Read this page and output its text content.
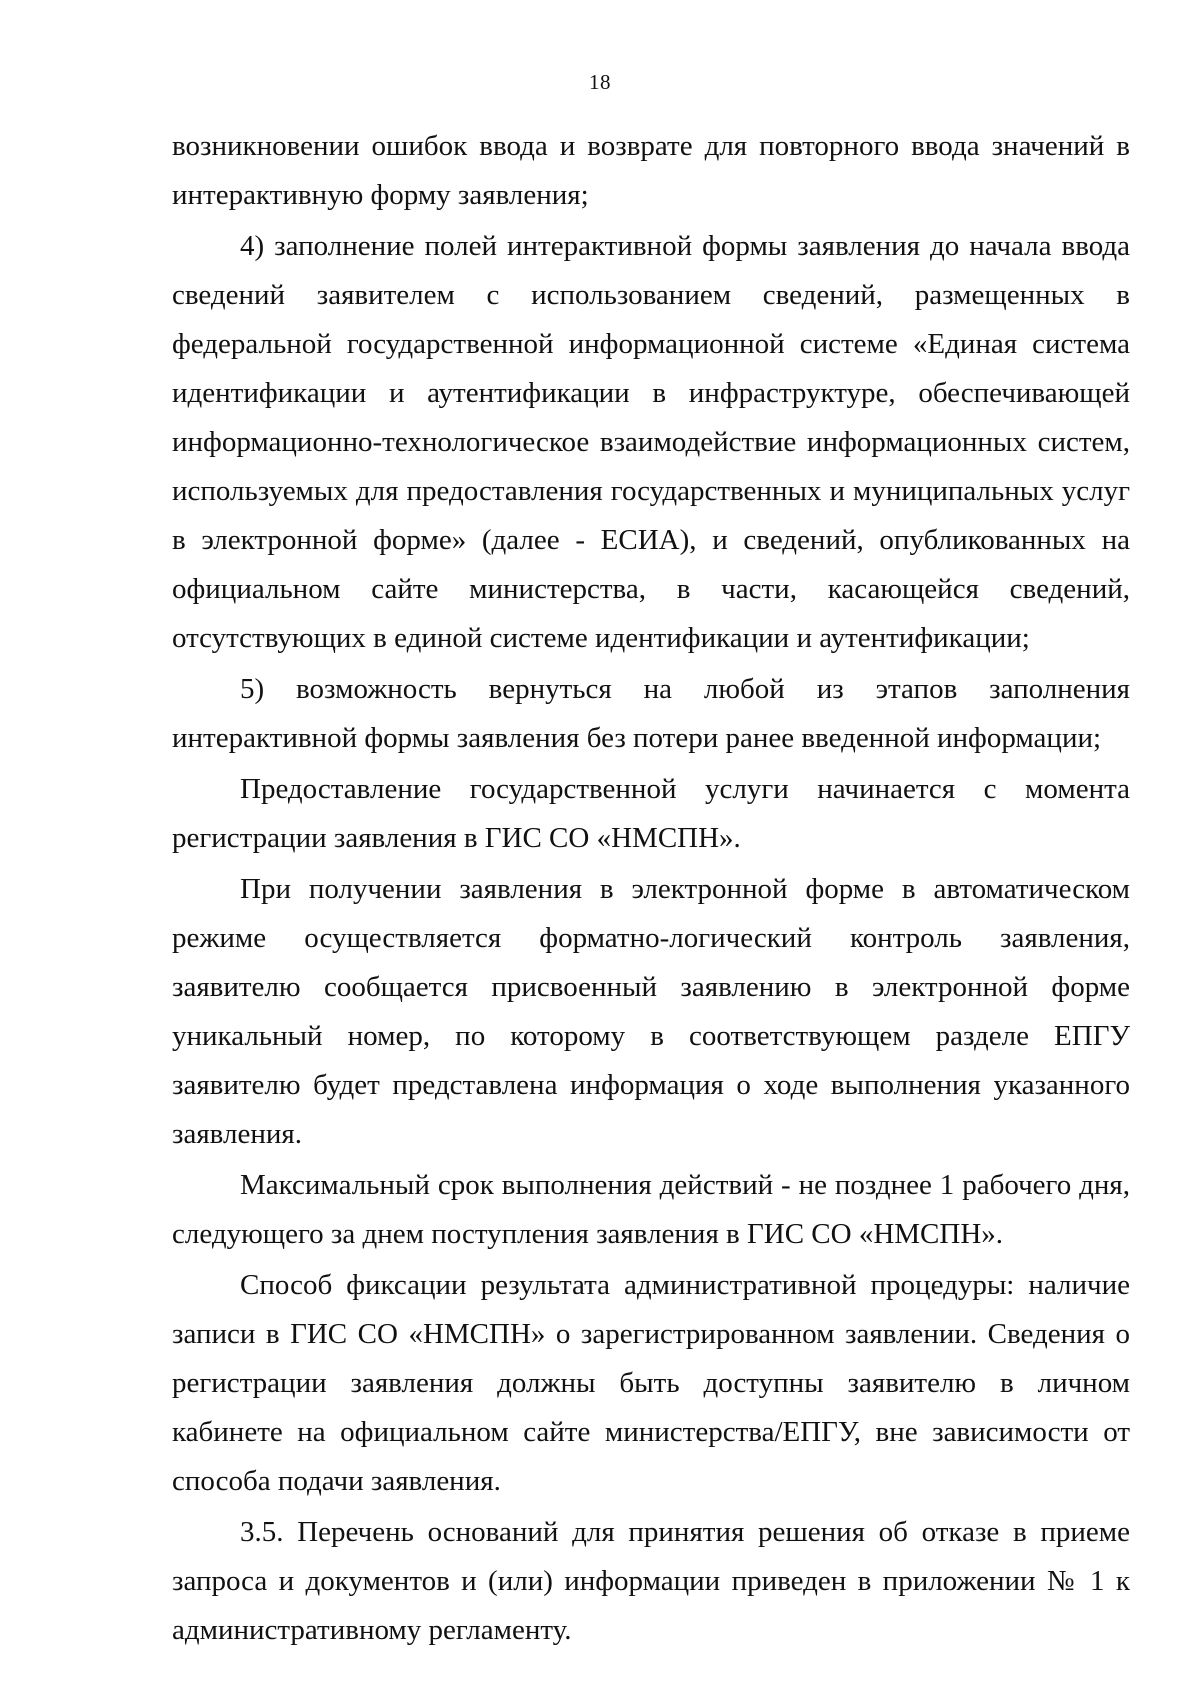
18

возникновении ошибок ввода и возврате для повторного ввода значений в интерактивную форму заявления;

4) заполнение полей интерактивной формы заявления до начала ввода сведений заявителем с использованием сведений, размещенных в федеральной государственной информационной системе «Единая система идентификации и аутентификации в инфраструктуре, обеспечивающей информационно-технологическое взаимодействие информационных систем, используемых для предоставления государственных и муниципальных услуг в электронной форме» (далее - ЕСИА), и сведений, опубликованных на официальном сайте министерства, в части, касающейся сведений, отсутствующих в единой системе идентификации и аутентификации;

5) возможность вернуться на любой из этапов заполнения интерактивной формы заявления без потери ранее введенной информации;

Предоставление государственной услуги начинается с момента регистрации заявления в ГИС СО «НМСПН».

При получении заявления в электронной форме в автоматическом режиме осуществляется форматно-логический контроль заявления, заявителю сообщается присвоенный заявлению в электронной форме уникальный номер, по которому в соответствующем разделе ЕПГУ заявителю будет представлена информация о ходе выполнения указанного заявления.

Максимальный срок выполнения действий - не позднее 1 рабочего дня, следующего за днем поступления заявления в ГИС СО «НМСПН».

Способ фиксации результата административной процедуры: наличие записи в ГИС СО «НМСПН» о зарегистрированном заявлении. Сведения о регистрации заявления должны быть доступны заявителю в личном кабинете на официальном сайте министерства/ЕПГУ, вне зависимости от способа подачи заявления.

3.5. Перечень оснований для принятия решения об отказе в приеме запроса и документов и (или) информации приведен в приложении № 1 к административному регламенту.
